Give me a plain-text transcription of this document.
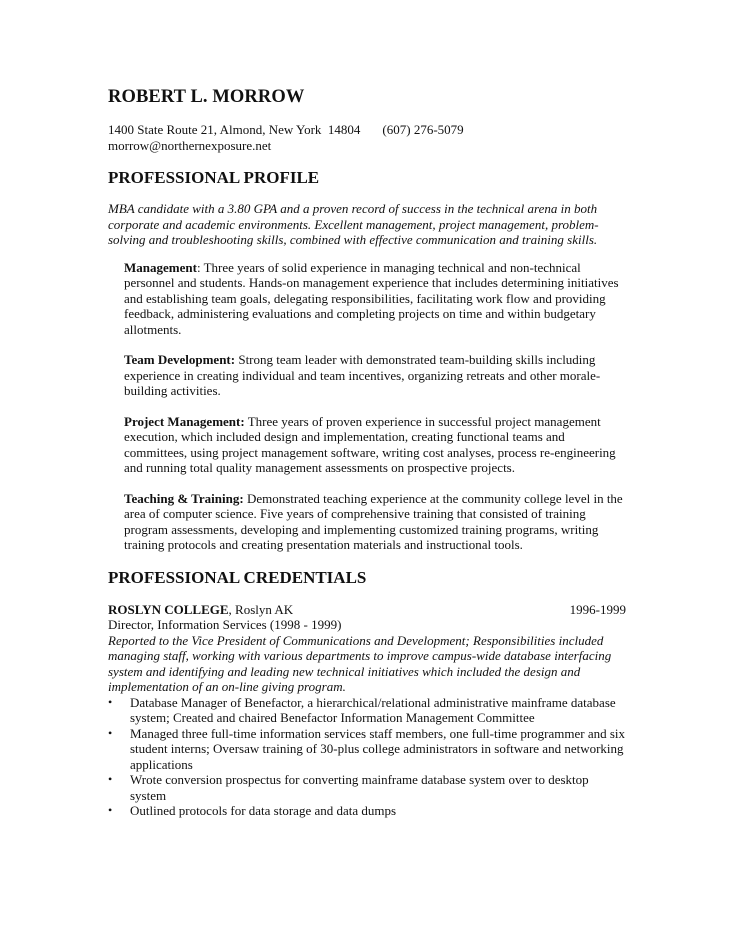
ROBERT L. MORROW

1400 State Route 21, Almond, New York  14804 (607) 276-5079

morrow@northernexposure.net

PROFESSIONAL PROFILE

MBA candidate with a 3.80 GPA and a proven record of success in the technical arena in both corporate and academic environments. Excellent management, project management, problem-solving and troubleshooting skills, combined with effective communication and training skills.

Management: Three years of solid experience in managing technical and non-technical personnel and students. Hands-on management experience that includes determining initiatives and establishing team goals, delegating responsibilities, facilitating work flow and providing feedback, administering evaluations and completing projects on time and within budgetary allotments.

Team Development: Strong team leader with demonstrated team-building skills including experience in creating individual and team incentives, organizing retreats and other morale-building activities.

Project Management: Three years of proven experience in successful project management execution, which included design and implementation, creating functional teams and committees, using project management software, writing cost analyses, process re-engineering and running total quality management assessments on prospective projects.

Teaching & Training: Demonstrated teaching experience at the community college level in the area of computer science. Five years of comprehensive training that consisted of training program assessments, developing and implementing customized training programs, writing training protocols and creating presentation materials and instructional tools.

PROFESSIONAL CREDENTIALS
ROSLYN COLLEGE, Roslyn AK	1996-1999

Director, Information Services (1998 - 1999)

Reported to the Vice President of Communications and Development; Responsibilities included managing staff, working with various departments to improve campus-wide database interfacing system and identifying and leading new technical initiatives which included the design and implementation of an on-line giving program.

• Database Manager of Benefactor, a hierarchical/relational administrative mainframe database system; Created and chaired Benefactor Information Management Committee
• Managed three full-time information services staff members, one full-time programmer and six student interns; Oversaw training of 30-plus college administrators in software and networking applications
• Wrote conversion prospectus for converting mainframe database system over to desktop system
• Outlined protocols for data storage and data dumps
